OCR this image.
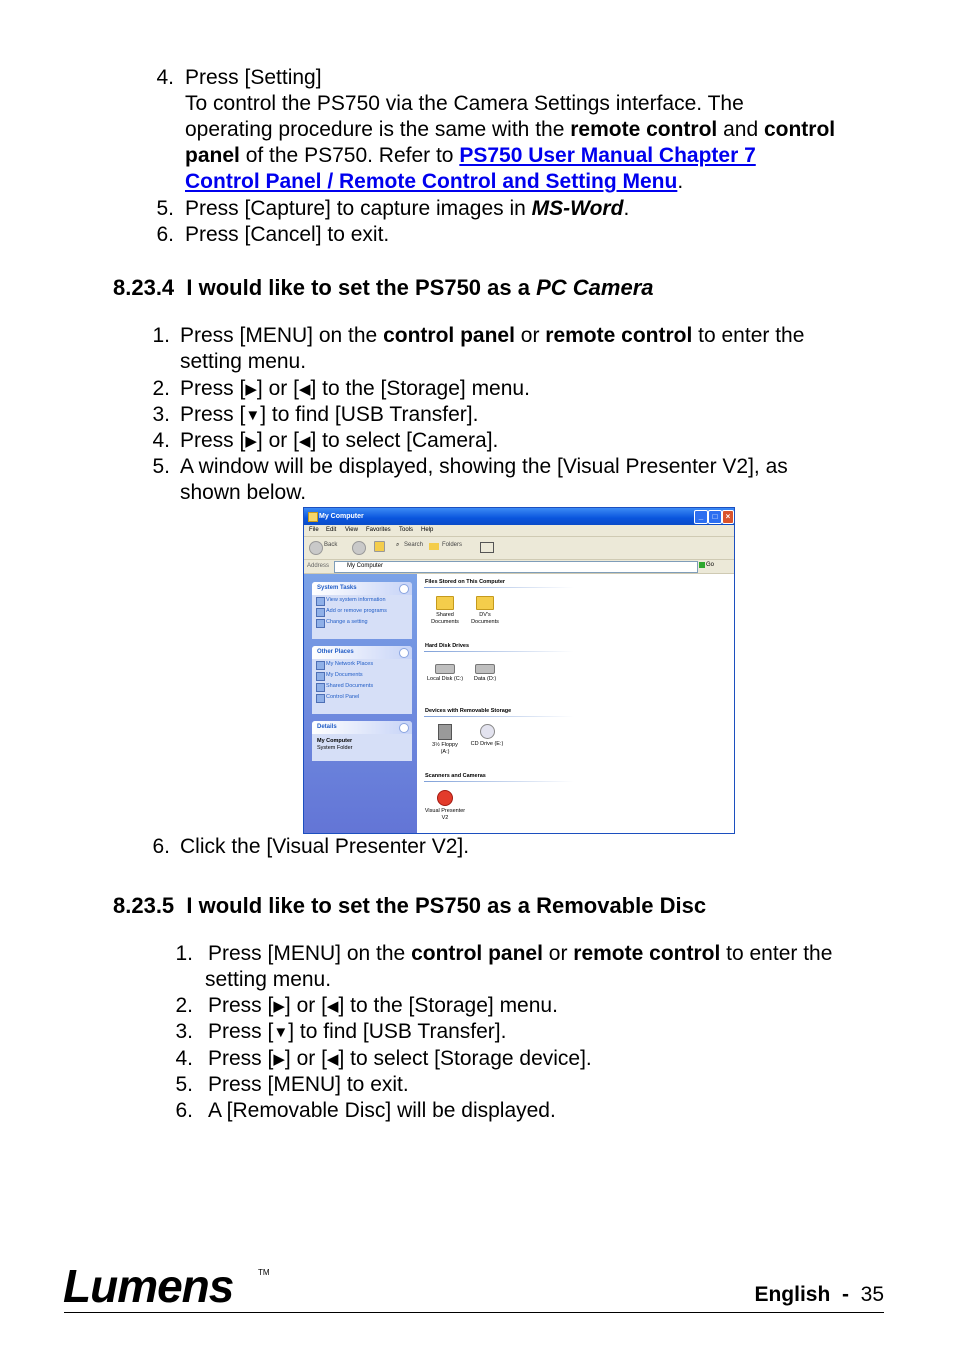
4. Press [Setting]
To control the PS750 via the Camera Settings interface. The
operating procedure is the same with the remote control and control
panel of the PS750. Refer to PS750 User Manual Chapter 7
Control Panel / Remote Control and Setting Menu.
5. Press [Capture] to capture images in MS-Word.
6. Press [Cancel] to exit.
8.23.4 I would like to set the PS750 as a PC Camera
1. Press [MENU] on the control panel or remote control to enter the
setting menu.
2. Press [▶] or [◀] to the [Storage] menu.
3. Press [▼] to find [USB Transfer].
4. Press [▶] or [◀] to select [Camera].
5. A window will be displayed, showing the [Visual Presenter V2], as
shown below.
My Computer	_	□	×
File Edit View Favorites Tools Help
Back	⌕ Search	Folders
Address	My Computer	Go
System Tasks
View system information
Add or remove programs
Change a setting
Other Places
My Network Places
My Documents
Shared Documents
Control Panel
Details
My Computer
System Folder
Files Stored on This Computer
Shared Documents
DV's Documents
Hard Disk Drives
Local Disk (C:)	Data (D:)
Devices with Removable Storage
3½ Floppy (A:)
CD Drive (E:)
Scanners and Cameras
Visual Presenter V2
6. Click the [Visual Presenter V2].
8.23.5 I would like to set the PS750 as a Removable Disc
1. Press [MENU] on the control panel or remote control to enter the
setting menu.
2. Press [▶] or [◀] to the [Storage] menu.
3. Press [▼] to find [USB Transfer].
4. Press [▶] or [◀] to select [Storage device].
5. Press [MENU] to exit.
6. A [Removable Disc] will be displayed.
Lumens	TM
English - 35
